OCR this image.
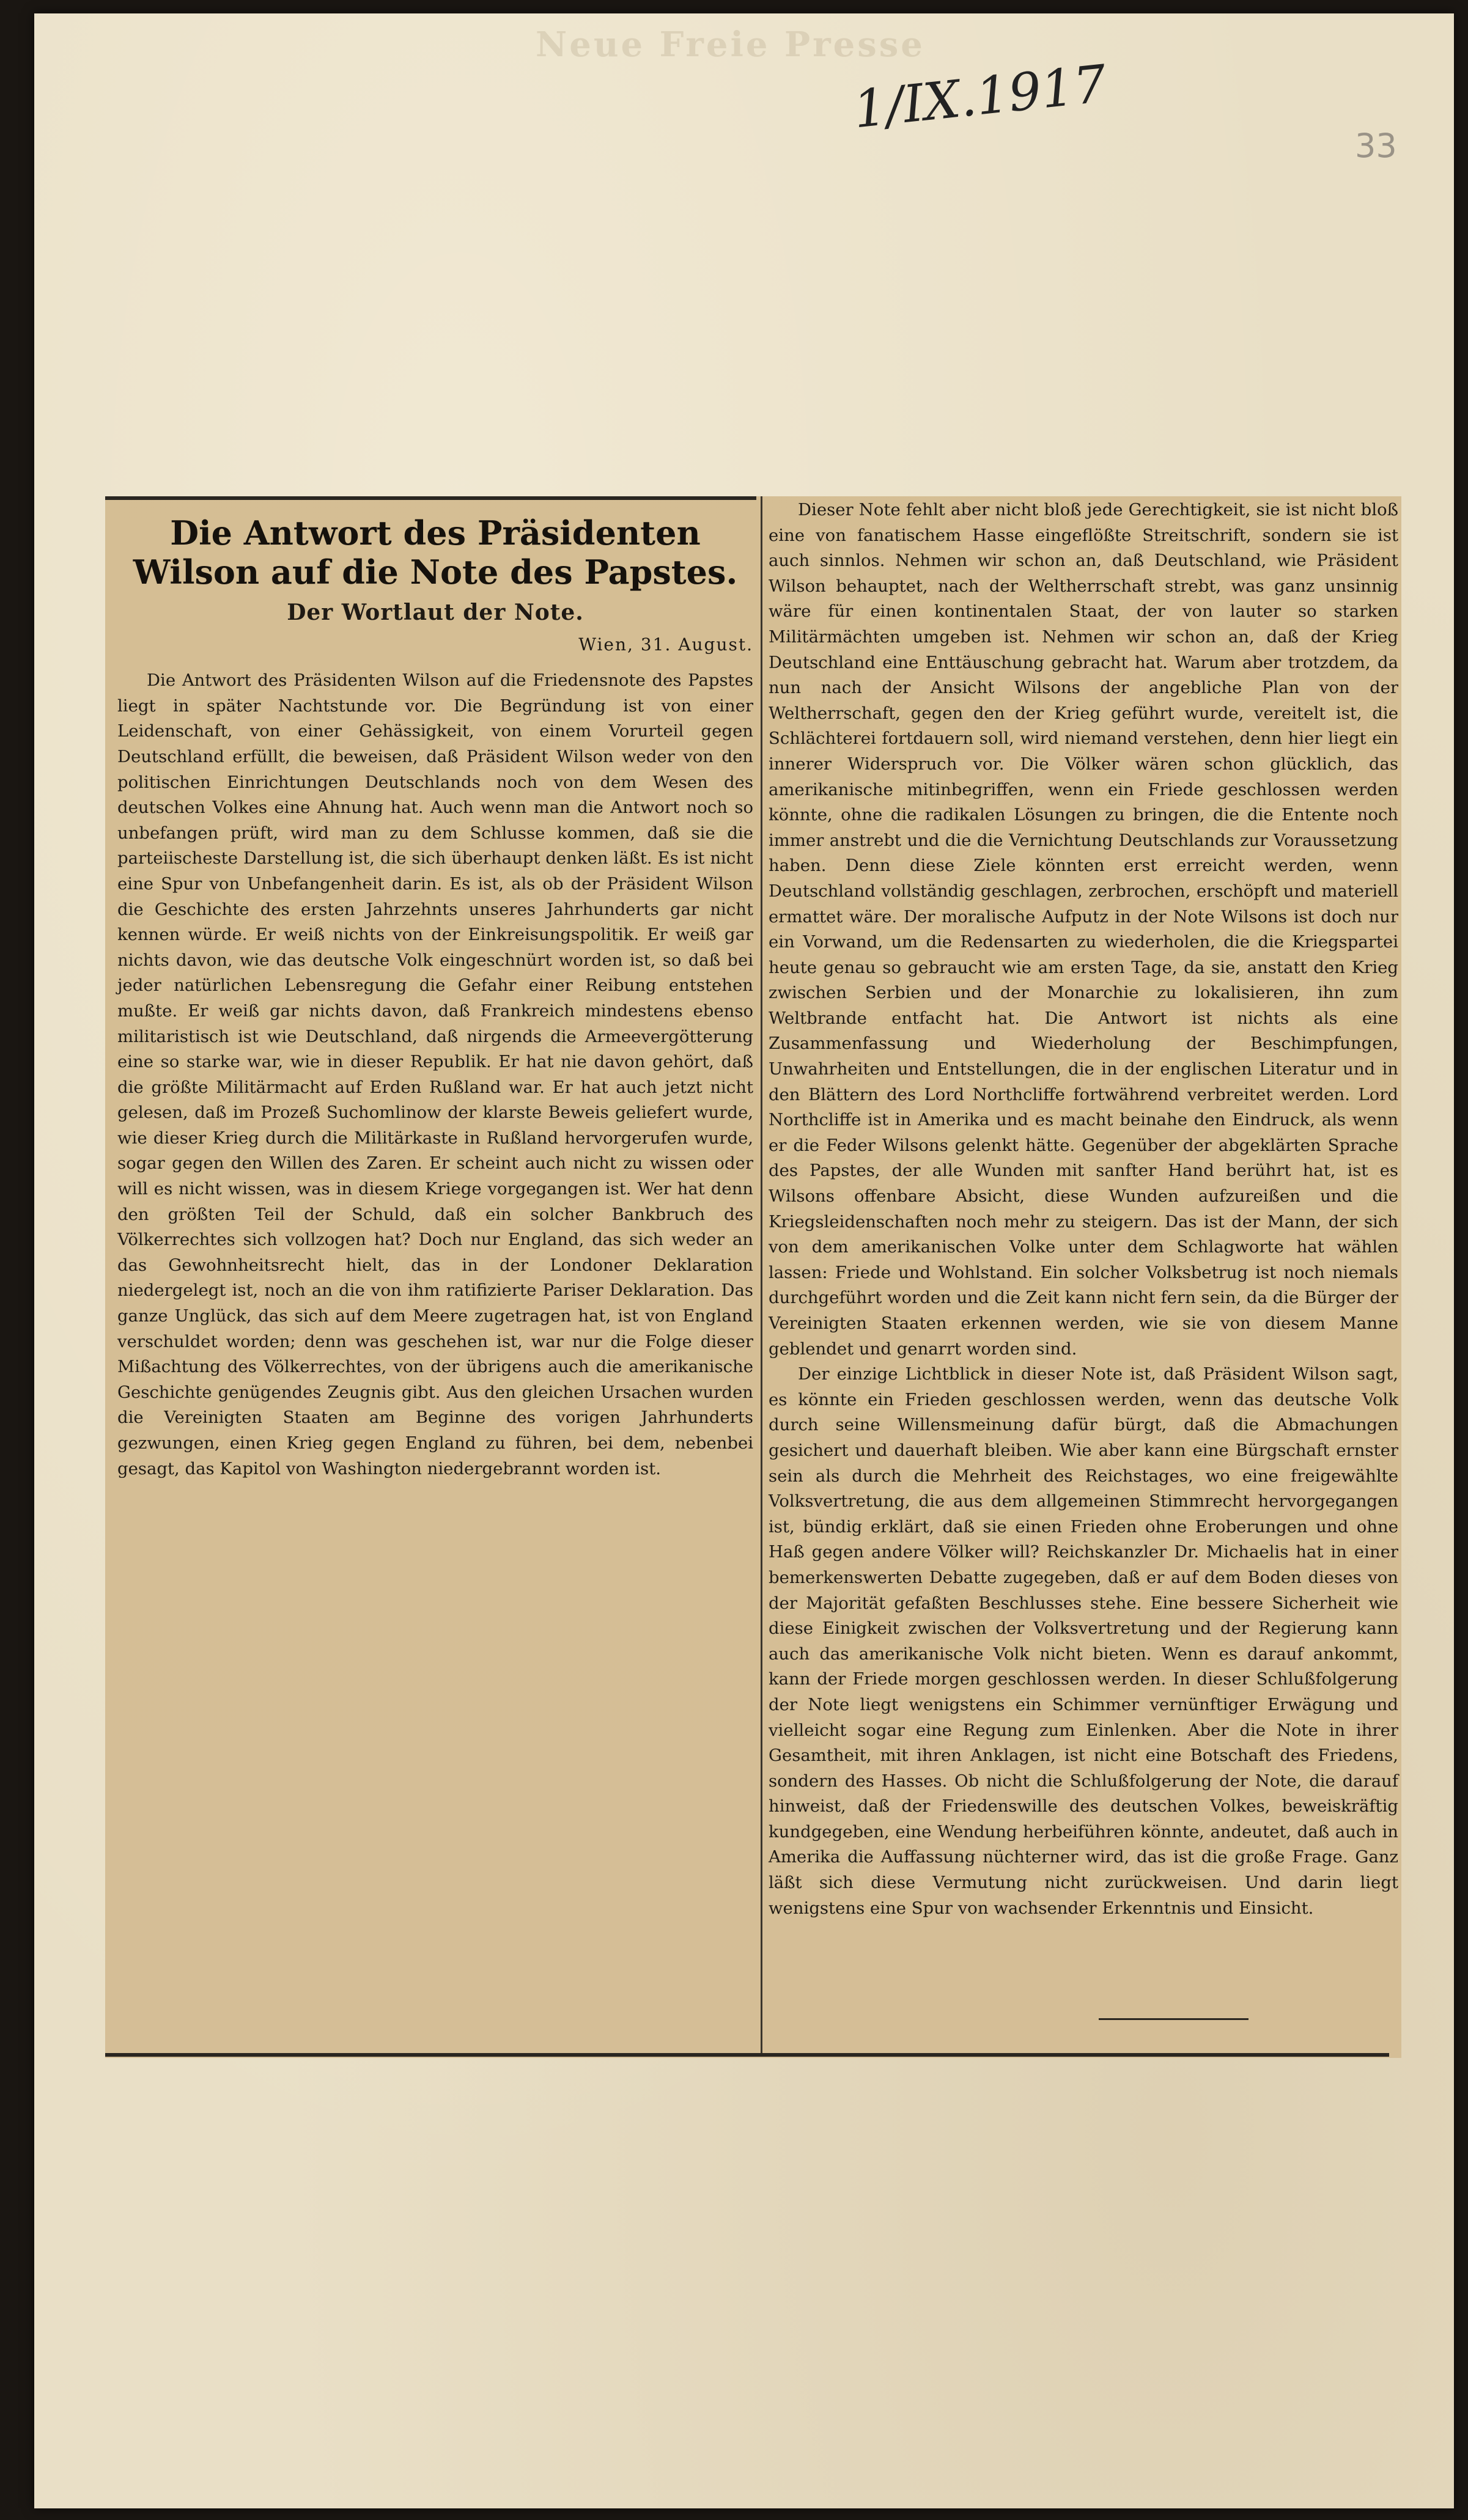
Neue Freie Presse
1/IX.1917
33
Die Antwort des Präsidenten Wilson auf die Note des Papstes.
Der Wortlaut der Note.
Wien, 31. August.

Die Antwort des Präsidenten Wilson auf die Friedensnote des Papstes liegt in später Nachtstunde vor. Die Begründung ist von einer Leidenschaft, von einer Gehässigkeit, von einem Vorurteil gegen Deutschland erfüllt, die beweisen, daß Präsident Wilson weder von den politischen Einrichtungen Deutschlands noch von dem Wesen des deutschen Volkes eine Ahnung hat. Auch wenn man die Antwort noch so unbefangen prüft, wird man zu dem Schlusse kommen, daß sie die parteiischeste Darstellung ist, die sich überhaupt denken läßt. Es ist nicht eine Spur von Unbefangenheit darin. Es ist, als ob der Präsident Wilson die Geschichte des ersten Jahrzehnts unseres Jahrhunderts gar nicht kennen würde. Er weiß nichts von der Einkreisungspolitik. Er weiß gar nichts davon, wie das deutsche Volk eingeschnürt worden ist, so daß bei jeder natürlichen Lebensregung die Gefahr einer Reibung entstehen mußte. Er weiß gar nichts davon, daß Frankreich mindestens ebenso militaristisch ist wie Deutschland, daß nirgends die Armeevergötterung eine so starke war, wie in dieser Republik. Er hat nie davon gehört, daß die größte Militärmacht auf Erden Rußland war. Er hat auch jetzt nicht gelesen, daß im Prozeß Suchomlinow der klarste Beweis geliefert wurde, wie dieser Krieg durch die Militärkaste in Rußland hervorgerufen wurde, sogar gegen den Willen des Zaren. Er scheint auch nicht zu wissen oder will es nicht wissen, was in diesem Kriege vorgegangen ist. Wer hat denn den größten Teil der Schuld, daß ein solcher Bankbruch des Völkerrechtes sich vollzogen hat? Doch nur England, das sich weder an das Gewohnheitsrecht hielt, das in der Londoner Deklaration niedergelegt ist, noch an die von ihm ratifizierte Pariser Deklaration. Das ganze Unglück, das sich auf dem Meere zugetragen hat, ist von England verschuldet worden; denn was geschehen ist, war nur die Folge dieser Mißachtung des Völkerrechtes, von der übrigens auch die amerikanische Geschichte genügendes Zeugnis gibt. Aus den gleichen Ursachen wurden die Vereinigten Staaten am Beginne des vorigen Jahrhunderts gezwungen, einen Krieg gegen England zu führen, bei dem, nebenbei gesagt, das Kapitol von Washington niedergebrannt worden ist.

Dieser Note fehlt aber nicht bloß jede Gerechtigkeit, sie ist nicht bloß eine von fanatischem Hasse eingeflößte Streitschrift, sondern sie ist auch sinnlos. Nehmen wir schon an, daß Deutschland, wie Präsident Wilson behauptet, nach der Weltherrschaft strebt, was ganz unsinnig wäre für einen kontinentalen Staat, der von lauter so starken Militärmächten umgeben ist. Nehmen wir schon an, daß der Krieg Deutschland eine Enttäuschung gebracht hat. Warum aber trotzdem, da nun nach der Ansicht Wilsons der angebliche Plan von der Weltherrschaft, gegen den der Krieg geführt wurde, vereitelt ist, die Schlächterei fortdauern soll, wird niemand verstehen, denn hier liegt ein innerer Widerspruch vor. Die Völker wären schon glücklich, das amerikanische mitinbegriffen, wenn ein Friede geschlossen werden könnte, ohne die radikalen Lösungen zu bringen, die die Entente noch immer anstrebt und die die Vernichtung Deutschlands zur Voraussetzung haben. Denn diese Ziele könnten erst erreicht werden, wenn Deutschland vollständig geschlagen, zerbrochen, erschöpft und materiell ermattet wäre. Der moralische Aufputz in der Note Wilsons ist doch nur ein Vorwand, um die Redensarten zu wiederholen, die die Kriegspartei heute genau so gebraucht wie am ersten Tage, da sie, anstatt den Krieg zwischen Serbien und der Monarchie zu lokalisieren, ihn zum Weltbrande entfacht hat. Die Antwort ist nichts als eine Zusammenfassung und Wiederholung der Beschimpfungen, Unwahrheiten und Entstellungen, die in der englischen Literatur und in den Blättern des Lord Northcliffe fortwährend verbreitet werden. Lord Northcliffe ist in Amerika und es macht beinahe den Eindruck, als wenn er die Feder Wilsons gelenkt hätte. Gegenüber der abgeklärten Sprache des Papstes, der alle Wunden mit sanfter Hand berührt hat, ist es Wilsons offenbare Absicht, diese Wunden aufzureißen und die Kriegsleidenschaften noch mehr zu steigern. Das ist der Mann, der sich von dem amerikanischen Volke unter dem Schlagworte hat wählen lassen: Friede und Wohlstand. Ein solcher Volksbetrug ist noch niemals durchgeführt worden und die Zeit kann nicht fern sein, da die Bürger der Vereinigten Staaten erkennen werden, wie sie von diesem Manne geblendet und genarrt worden sind.

Der einzige Lichtblick in dieser Note ist, daß Präsident Wilson sagt, es könnte ein Frieden geschlossen werden, wenn das deutsche Volk durch seine Willensmeinung dafür bürgt, daß die Abmachungen gesichert und dauerhaft bleiben. Wie aber kann eine Bürgschaft ernster sein als durch die Mehrheit des Reichstages, wo eine freigewählte Volksvertretung, die aus dem allgemeinen Stimmrecht hervorgegangen ist, bündig erklärt, daß sie einen Frieden ohne Eroberungen und ohne Haß gegen andere Völker will? Reichskanzler Dr. Michaelis hat in einer bemerkenswerten Debatte zugegeben, daß er auf dem Boden dieses von der Majorität gefaßten Beschlusses stehe. Eine bessere Sicherheit wie diese Einigkeit zwischen der Volksvertretung und der Regierung kann auch das amerikanische Volk nicht bieten. Wenn es darauf ankommt, kann der Friede morgen geschlossen werden. In dieser Schlußfolgerung der Note liegt wenigstens ein Schimmer vernünftiger Erwägung und vielleicht sogar eine Regung zum Einlenken. Aber die Note in ihrer Gesamtheit, mit ihren Anklagen, ist nicht eine Botschaft des Friedens, sondern des Hasses. Ob nicht die Schlußfolgerung der Note, die darauf hinweist, daß der Friedenswille des deutschen Volkes, beweiskräftig kundgegeben, eine Wendung herbeiführen könnte, andeutet, daß auch in Amerika die Auffassung nüchterner wird, das ist die große Frage. Ganz läßt sich diese Vermutung nicht zurückweisen. Und darin liegt wenigstens eine Spur von wachsender Erkenntnis und Einsicht.
